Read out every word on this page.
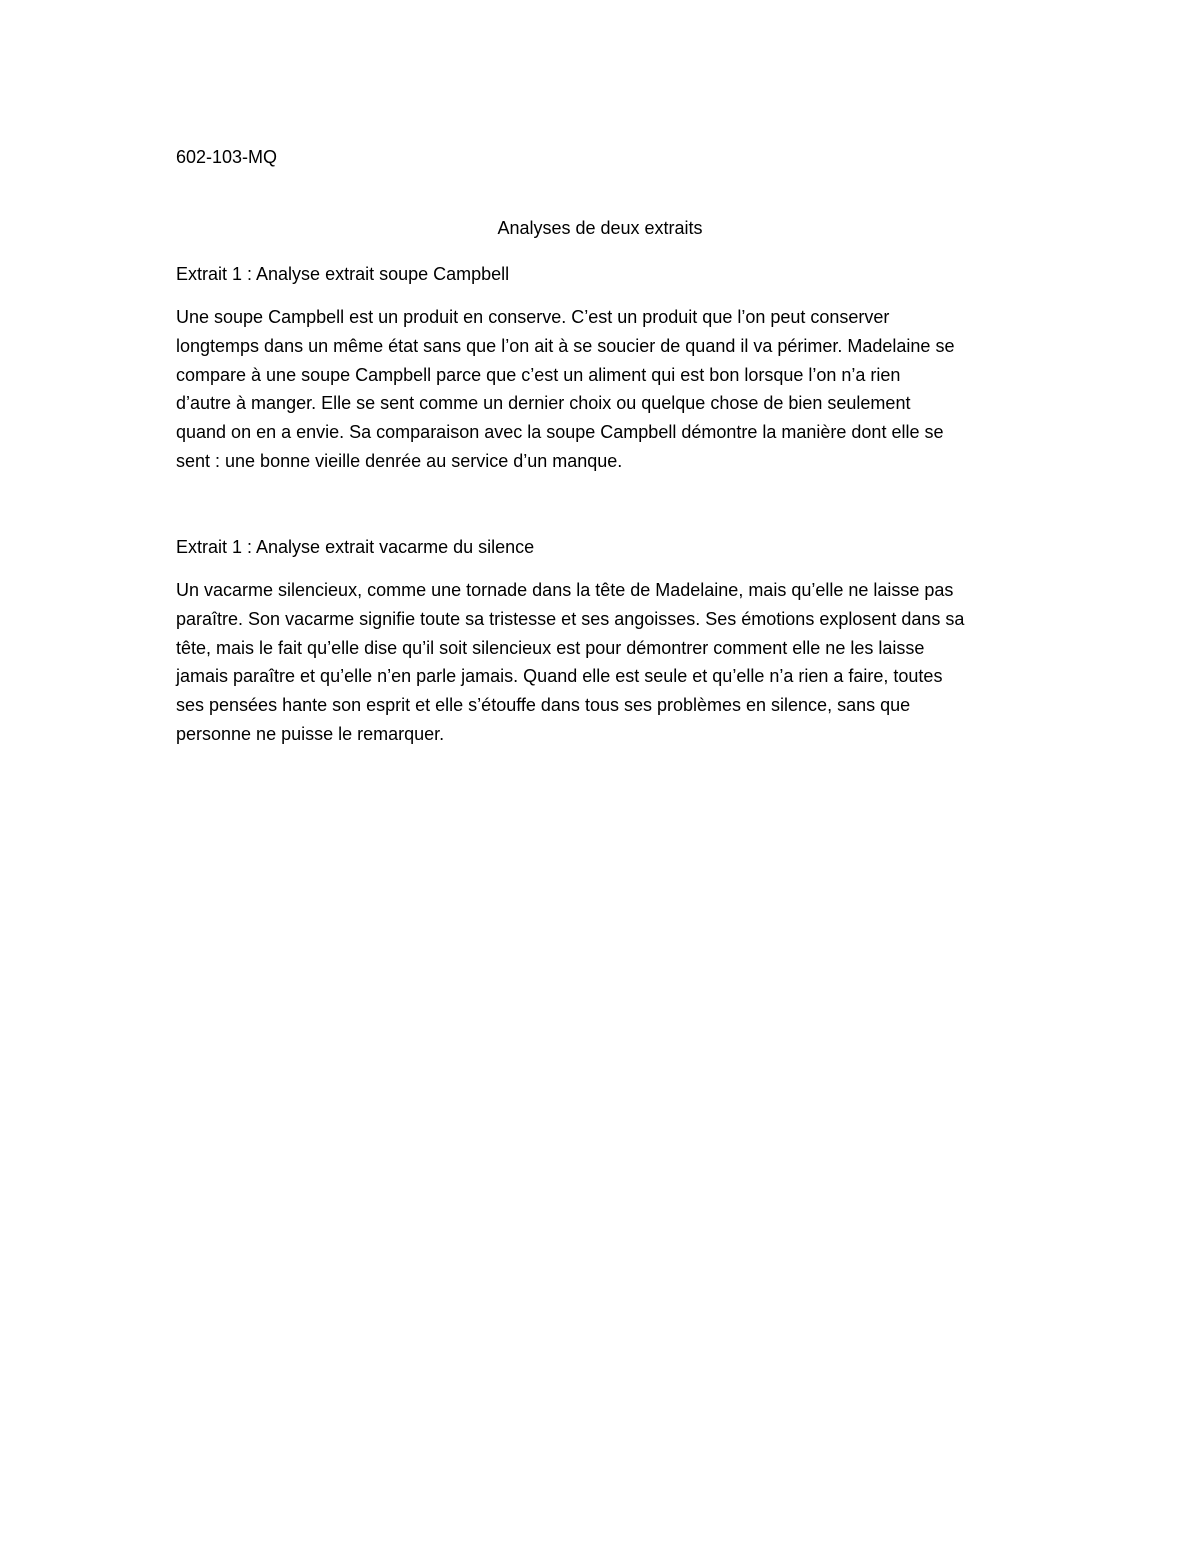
602-103-MQ

Analyses de deux extraits
Extrait 1 : Analyse extrait soupe Campbell

Une soupe Campbell est un produit en conserve. C’est un produit que l’on peut conserver
longtemps dans un même état sans que l’on ait à se soucier de quand il va périmer. Madelaine se
compare à une soupe Campbell parce que c’est un aliment qui est bon lorsque l’on n’a rien
d’autre à manger. Elle se sent comme un dernier choix ou quelque chose de bien seulement
quand on en a envie. Sa comparaison avec la soupe Campbell démontre la manière dont elle se
sent : une bonne vieille denrée au service d’un manque.

Extrait 1 : Analyse extrait vacarme du silence

Un vacarme silencieux, comme une tornade dans la tête de Madelaine, mais qu’elle ne laisse pas
paraître. Son vacarme signifie toute sa tristesse et ses angoisses. Ses émotions explosent dans sa
tête, mais le fait qu’elle dise qu’il soit silencieux est pour démontrer comment elle ne les laisse
jamais paraître et qu’elle n’en parle jamais. Quand elle est seule et qu’elle n’a rien a faire, toutes
ses pensées hante son esprit et elle s’étouffe dans tous ses problèmes en silence, sans que
personne ne puisse le remarquer.
